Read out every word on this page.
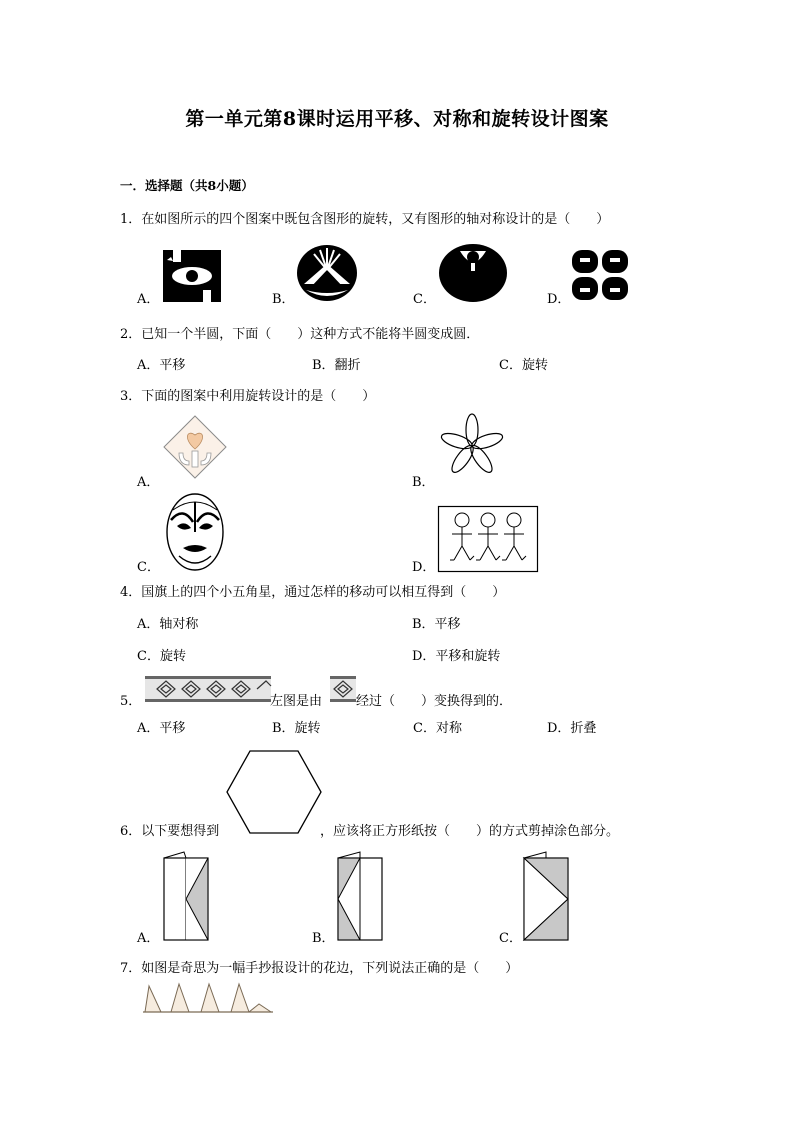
第一单元第8课时运用平移、对称和旋转设计图案
一．选择题（共8小题）
1．在如图所示的四个图案中既包含图形的旋转，又有图形的轴对称设计的是（　　）
A．	B．	C．	D．
2．已知一个半圆，下面（　　）这种方式不能将半圆变成圆．
A．平移	B．翻折	C．旋转
3．下面的图案中利用旋转设计的是（　　）
A．	B．
C．	D．
4．国旗上的四个小五角星，通过怎样的移动可以相互得到（　　）
A．轴对称	B．平移
C．旋转	D．平移和旋转
5．	左图是由	经过（　　）变换得到的．
A．平移	B．旋转	C．对称	D．折叠
6．以下要想得到	，应该将正方形纸按（　　）的方式剪掉涂色部分。
A．	B．	C．
7．如图是奇思为一幅手抄报设计的花边，下列说法正确的是（　　）
